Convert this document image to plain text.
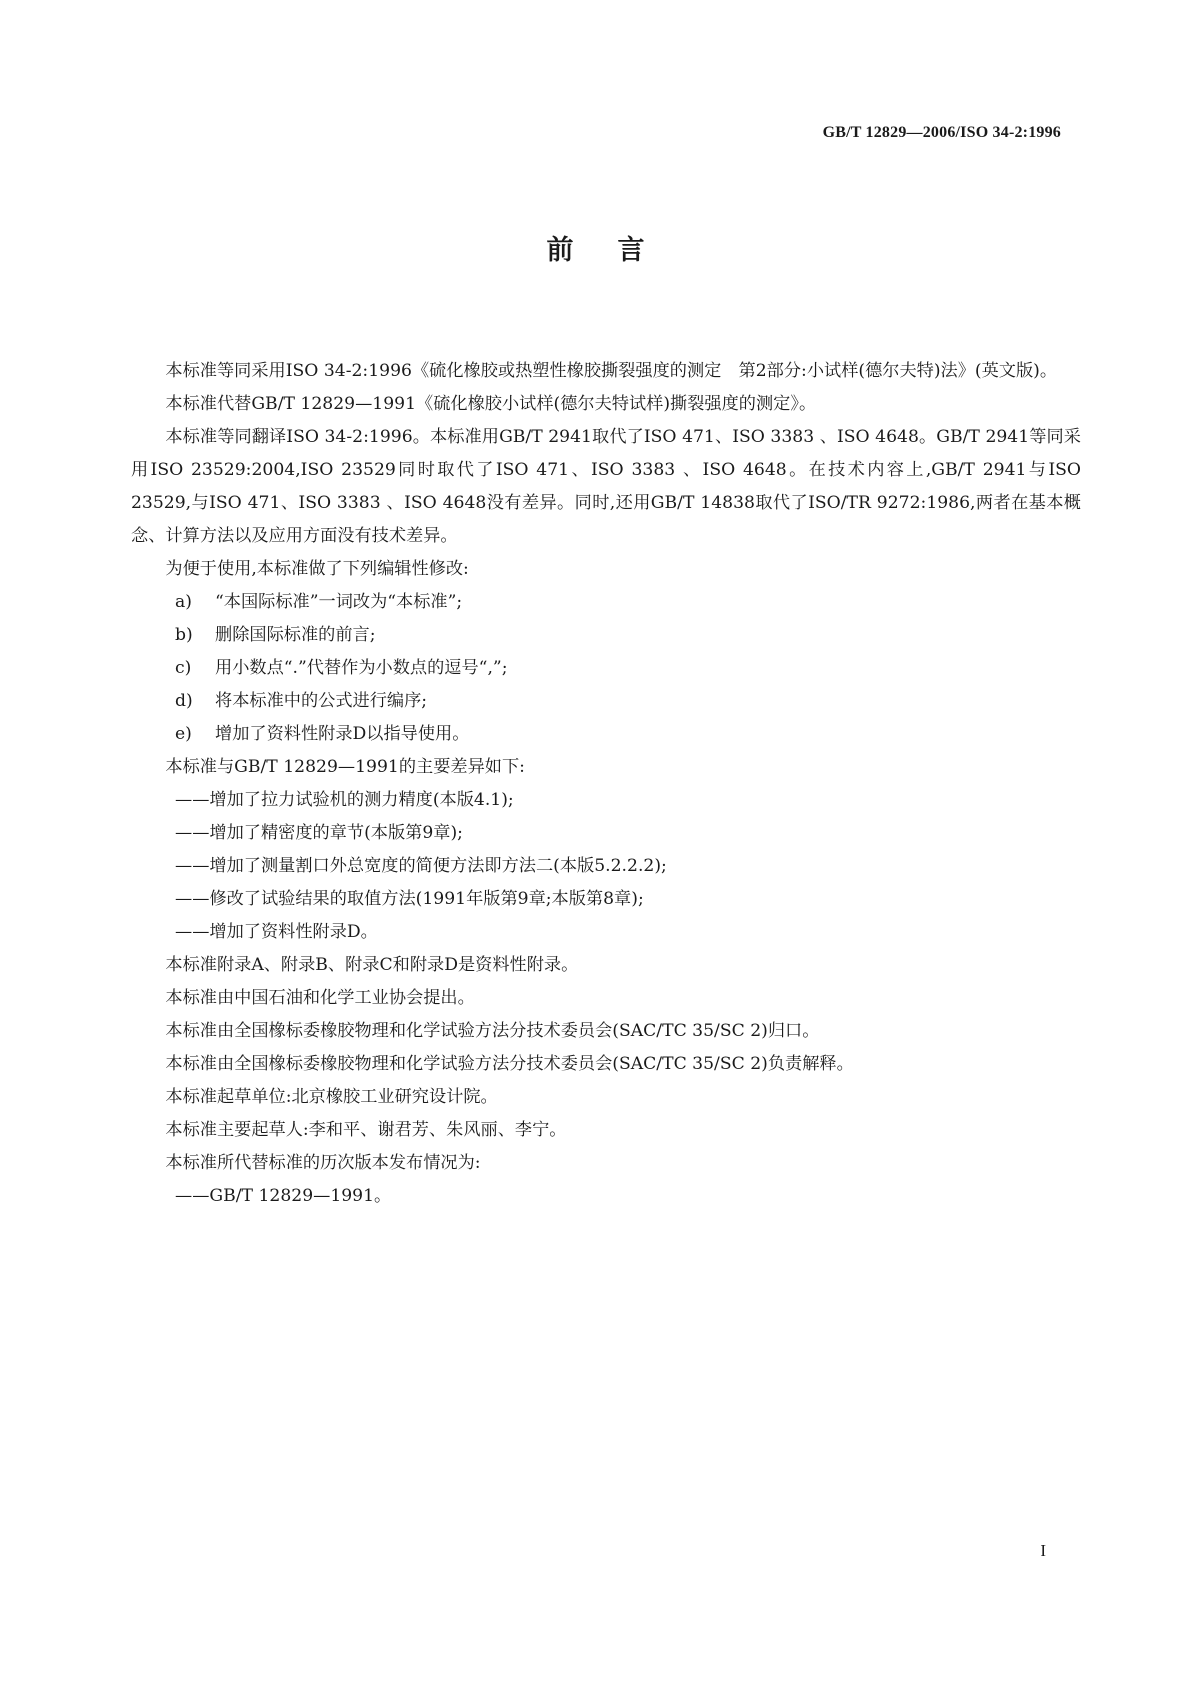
GB/T 12829—2006/ISO 34-2:1996
前言

本标准等同采用ISO 34-2:1996《硫化橡胶或热塑性橡胶撕裂强度的测定　第2部分:小试样(德尔夫特)法》(英文版)。

本标准代替GB/T 12829—1991《硫化橡胶小试样(德尔夫特试样)撕裂强度的测定》。

本标准等同翻译ISO 34-2:1996。本标准用GB/T 2941取代了ISO 471、ISO 3383 、ISO 4648。GB/T 2941等同采用ISO 23529:2004,ISO 23529同时取代了ISO 471、ISO 3383 、ISO 4648。在技术内容上,GB/T 2941与ISO 23529,与ISO 471、ISO 3383 、ISO 4648没有差异。同时,还用GB/T 14838取代了ISO/TR 9272:1986,两者在基本概念、计算方法以及应用方面没有技术差异。

为便于使用,本标准做了下列编辑性修改:

a) “本国际标准”一词改为“本标准”;

b) 删除国际标准的前言;

c) 用小数点“.”代替作为小数点的逗号“,”;

d) 将本标准中的公式进行编序;

e) 增加了资料性附录D以指导使用。

本标准与GB/T 12829—1991的主要差异如下:

——增加了拉力试验机的测力精度(本版4.1);

——增加了精密度的章节(本版第9章);

——增加了测量割口外总宽度的简便方法即方法二(本版5.2.2.2);

——修改了试验结果的取值方法(1991年版第9章;本版第8章);

——增加了资料性附录D。

本标准附录A、附录B、附录C和附录D是资料性附录。

本标准由中国石油和化学工业协会提出。

本标准由全国橡标委橡胶物理和化学试验方法分技术委员会(SAC/TC 35/SC 2)归口。

本标准由全国橡标委橡胶物理和化学试验方法分技术委员会(SAC/TC 35/SC 2)负责解释。

本标准起草单位:北京橡胶工业研究设计院。

本标准主要起草人:李和平、谢君芳、朱风丽、李宁。

本标准所代替标准的历次版本发布情况为:

——GB/T 12829—1991。

I
